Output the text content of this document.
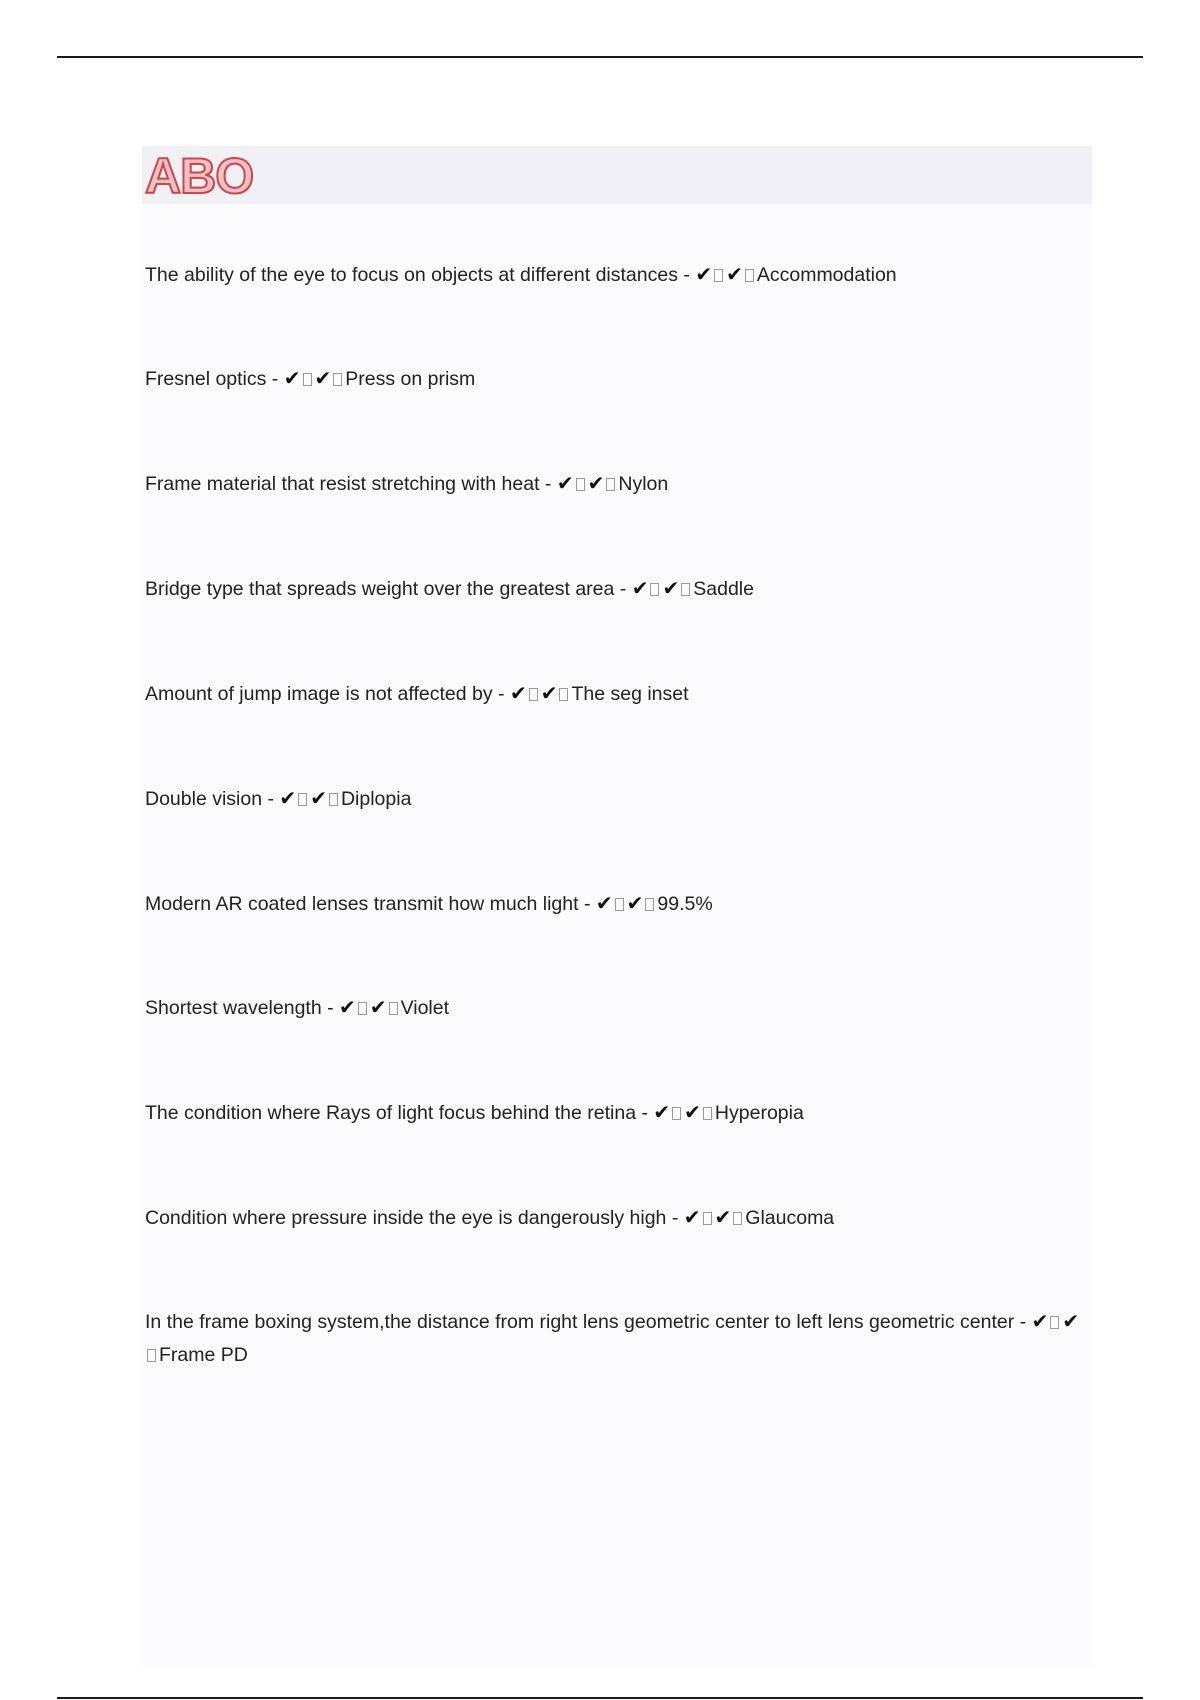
ABO
The ability of the eye to focus on objects at different distances - ✔ ✔ Accommodation
Fresnel optics - ✔ ✔ Press on prism
Frame material that resist stretching with heat - ✔ ✔ Nylon
Bridge type that spreads weight over the greatest area - ✔ ✔ Saddle
Amount of jump image is not affected by - ✔ ✔ The seg inset
Double vision - ✔ ✔ Diplopia
Modern AR coated lenses transmit how much light - ✔ ✔ 99.5%
Shortest wavelength - ✔ ✔ Violet
The condition where Rays of light focus behind the retina - ✔ ✔ Hyperopia
Condition where pressure inside the eye is dangerously high - ✔ ✔ Glaucoma
In the frame boxing system,the distance from right lens geometric center to left lens geometric center - ✔ ✔Frame PD
